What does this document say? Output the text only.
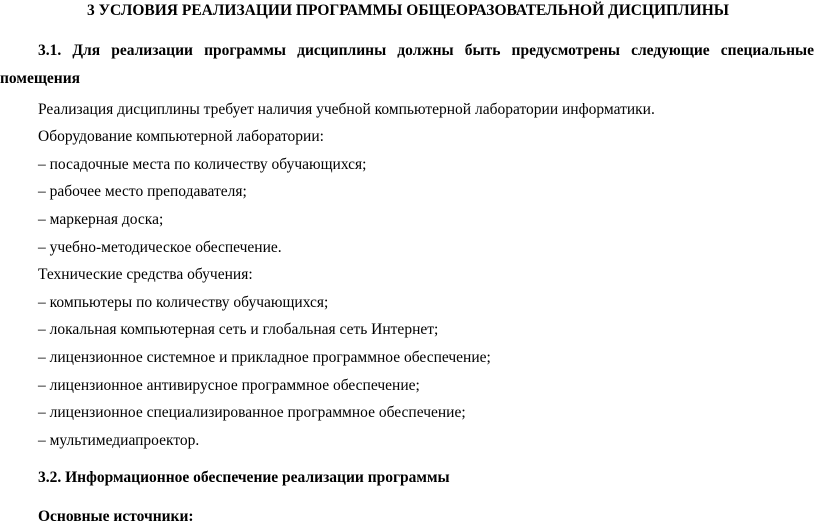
3 УСЛОВИЯ РЕАЛИЗАЦИИ ПРОГРАММЫ ОБЩЕОРАЗОВАТЕЛЬНОЙ ДИСЦИПЛИНЫ
3.1. Для реализации программы дисциплины должны быть предусмотрены следующие специальные
помещения
Реализация дисциплины требует наличия учебной компьютерной лаборатории информатики.
Оборудование компьютерной лаборатории:
– посадочные места по количеству обучающихся;
– рабочее место преподавателя;
– маркерная доска;
– учебно-методическое обеспечение.
Технические средства обучения:
– компьютеры по количеству обучающихся;
– локальная компьютерная сеть и глобальная сеть Интернет;
– лицензионное системное и прикладное программное обеспечение;
– лицензионное антивирусное программное обеспечение;
– лицензионное специализированное программное обеспечение;
– мультимедиапроектор.
3.2. Информационное обеспечение реализации программы
Основные источники:
